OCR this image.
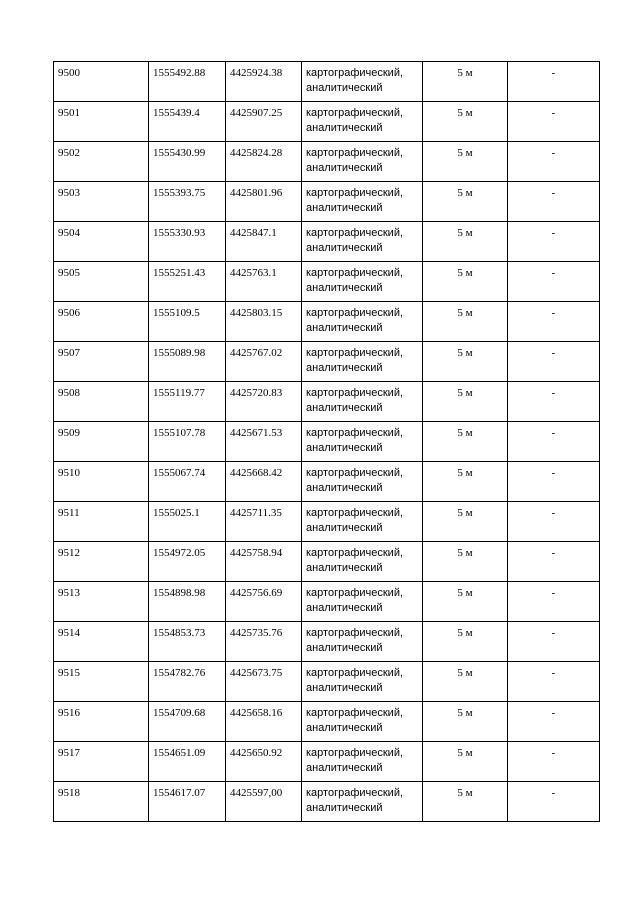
9500	1555492.88	4425924.38	картографический,
аналитический	5 м	-
9501	1555439.4	4425907.25	картографический,
аналитический	5 м	-
9502	1555430.99	4425824.28	картографический,
аналитический	5 м	-
9503	1555393.75	4425801.96	картографический,
аналитический	5 м	-
9504	1555330.93	4425847.1	картографический,
аналитический	5 м	-
9505	1555251.43	4425763.1	картографический,
аналитический	5 м	-
9506	1555109.5	4425803.15	картографический,
аналитический	5 м	-
9507	1555089.98	4425767.02	картографический,
аналитический	5 м	-
9508	1555119.77	4425720.83	картографический,
аналитический	5 м	-
9509	1555107.78	4425671.53	картографический,
аналитический	5 м	-
9510	1555067.74	4425668.42	картографический,
аналитический	5 м	-
9511	1555025.1	4425711.35	картографический,
аналитический	5 м	-
9512	1554972.05	4425758.94	картографический,
аналитический	5 м	-
9513	1554898.98	4425756.69	картографический,
аналитический	5 м	-
9514	1554853.73	4425735.76	картографический,
аналитический	5 м	-
9515	1554782.76	4425673.75	картографический,
аналитический	5 м	-
9516	1554709.68	4425658.16	картографический,
аналитический	5 м	-
9517	1554651.09	4425650.92	картографический,
аналитический	5 м	-
9518	1554617.07	4425597,00	картографический,
аналитический	5 м	-
